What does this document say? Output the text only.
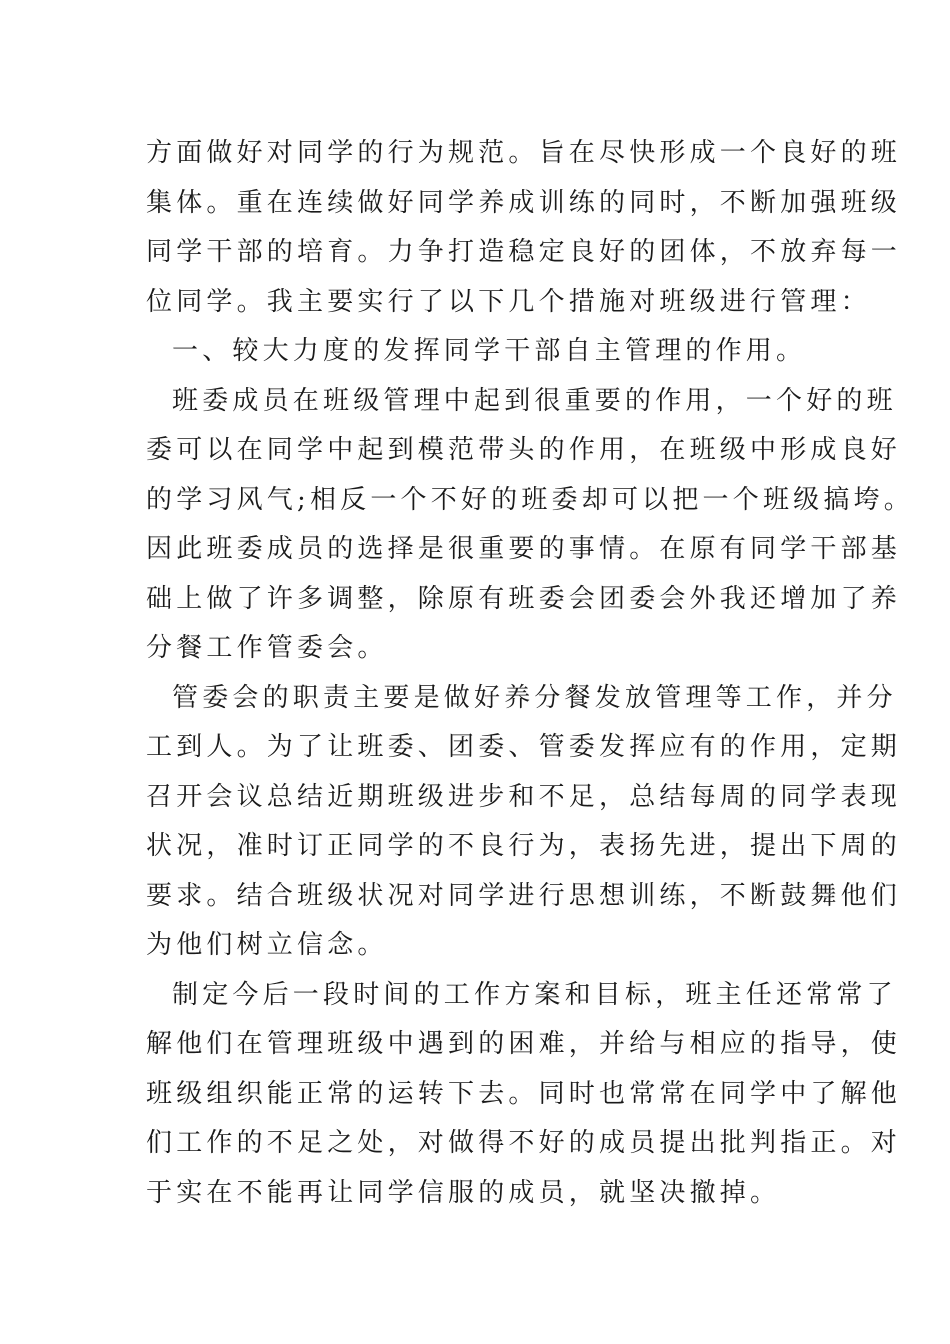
方面做好对同学的行为规范。旨在尽快形成一个良好的班
集体。重在连续做好同学养成训练的同时，不断加强班级
同学干部的培育。力争打造稳定良好的团体，不放弃每一
位同学。我主要实行了以下几个措施对班级进行管理：
一、较大力度的发挥同学干部自主管理的作用。
班委成员在班级管理中起到很重要的作用，一个好的班
委可以在同学中起到模范带头的作用，在班级中形成良好
的学习风气;相反一个不好的班委却可以把一个班级搞垮。
因此班委成员的选择是很重要的事情。在原有同学干部基
础上做了许多调整，除原有班委会团委会外我还增加了养
分餐工作管委会。
管委会的职责主要是做好养分餐发放管理等工作，并分
工到人。为了让班委、团委、管委发挥应有的作用，定期
召开会议总结近期班级进步和不足，总结每周的同学表现
状况，准时订正同学的不良行为，表扬先进，提出下周的
要求。结合班级状况对同学进行思想训练，不断鼓舞他们
为他们树立信念。
制定今后一段时间的工作方案和目标，班主任还常常了
解他们在管理班级中遇到的困难，并给与相应的指导，使
班级组织能正常的运转下去。同时也常常在同学中了解他
们工作的不足之处，对做得不好的成员提出批判指正。对
于实在不能再让同学信服的成员，就坚决撤掉。
